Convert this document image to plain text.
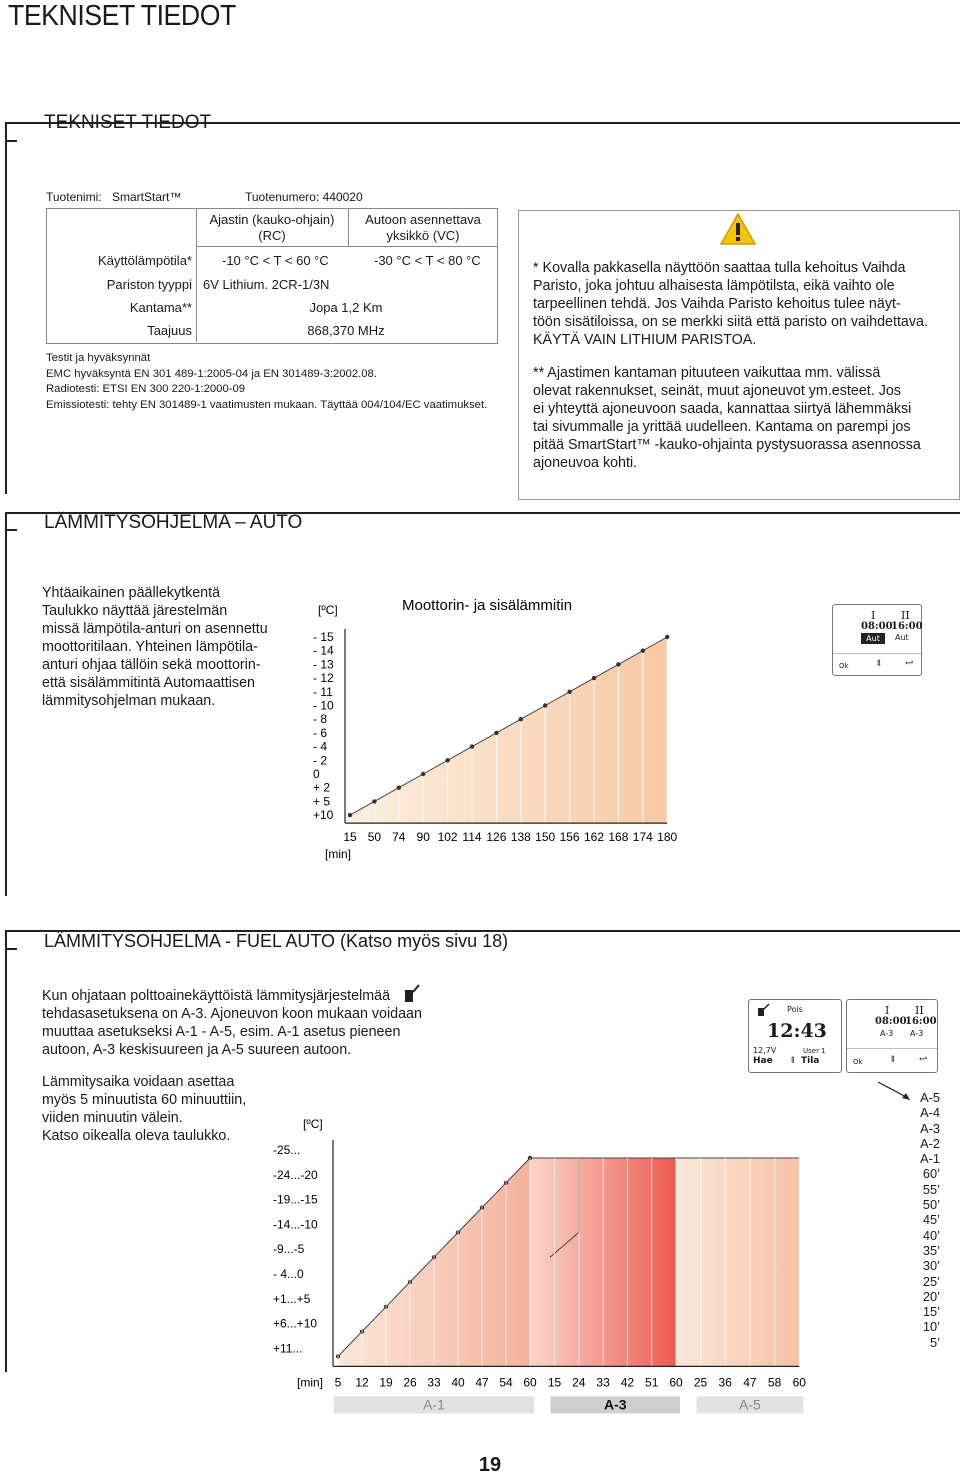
TEKNISET TIEDOT
TEKNISET TIEDOT
Tuotenimi: SmartStart™	Tuotenumero: 440020
Ajastin (kauko-ohjain)
(RC)
Autoon asennettava
yksikkö (VC)
Käyttölämpötila* -10 °C < T < 60 °C	-30 °C < T < 80 °C
Pariston tyyppi 6V Lithium. 2CR-1/3N
Kantama**	Jopa 1,2 Km
Taajuus	868,370 MHz
Testit ja hyväksynnät
EMC hyväksyntä EN 301 489-1:2005-04 ja EN 301489-3:2002.08.
Radiotesti: ETSI EN 300 220-1:2000-09
Emissiotesti: tehty EN 301489-1 vaatimusten mukaan. Täyttää 004/104/EC vaatimukset.
* Kovalla pakkasella näyttöön saattaa tulla kehoitus Vaihda
Paristo, joka johtuu alhaisesta lämpötilsta, eikä vaihto ole
tarpeellinen tehdä. Jos Vaihda Paristo kehoitus tulee näyt-
töön sisätiloissa, on se merkki siitä että paristo on vaihdettava.
KÄYTÄ VAIN LITHIUM PARISTOA.
** Ajastimen kantaman pituuteen vaikuttaa mm. välissä
olevat rakennukset, seinät, muut ajoneuvot ym.esteet. Jos
ei yhteyttä ajoneuvoon saada, kannattaa siirtyä lähemmäksi
tai sivummalle ja yrittää uudelleen. Kantama on parempi jos
pitää SmartStart™ -kauko-ohjainta pystysuorassa asennossa
ajoneuvoa kohti.
LÄMMITYSOHJELMA – AUTO
Yhtäaikainen päällekytkentä
Taulukko näyttää järestelmän
missä lämpötila-anturi on asennettu
moottoritilaan. Yhteinen lämpötila-
anturi ohjaa tällöin sekä moottorin-
että sisälämmitintä Automaattisen
lämmitysohjelman mukaan.
- 15
- 14
- 13
- 12
- 11
- 10
- 8
- 6
- 4
- 2
0
+ 2
+ 5
+10
15 50 74 90 102 114 126 138 150 156 162 168 174 180
[ºC]
[min]
Moottorin- ja sisälämmitin
I II
08:00
16:00
Aut	Aut
Ok	⇕ ↩
LÄMMITYSOHJELMA - FUEL AUTO (Katso myös sivu 18)
Kun ohjataan polttoainekäyttöistä lämmitysjärjestelmää
tehdasasetuksena on A-3. Ajoneuvon koon mukaan voidaan
muuttaa asetukseksi A-1 - A-5, esim. A-1 asetus pieneen
autoon, A-3 keskisuureen ja A-5 suureen autoon.
Lämmitysaika voidaan asettaa
myös 5 minuutista 60 minuuttiin,
viiden minuutin välein.
Katso oikealla oleva taulukko.
Pois
12:43
12,7V	User 1
Hae ⇕ Tila
I II
08:00
16:00
A-3 A-3
Ok	⇕ ↩
A-5
A-4
A-3
A-2
A-1
60’
55’
50’
45’
40’
35’
30’
25’
20’
15’
10’
5’
-25...
-24...-20
-19...-15
-14...-10
-9...-5
- 4...0
+1...+5
+6...+10
+11...
[ºC]
[min] 5 12 19 26 33 40 47 54 60
A-1
15 24 33 42 51 60
A-3
25 36 47 58 60
A-5
19
